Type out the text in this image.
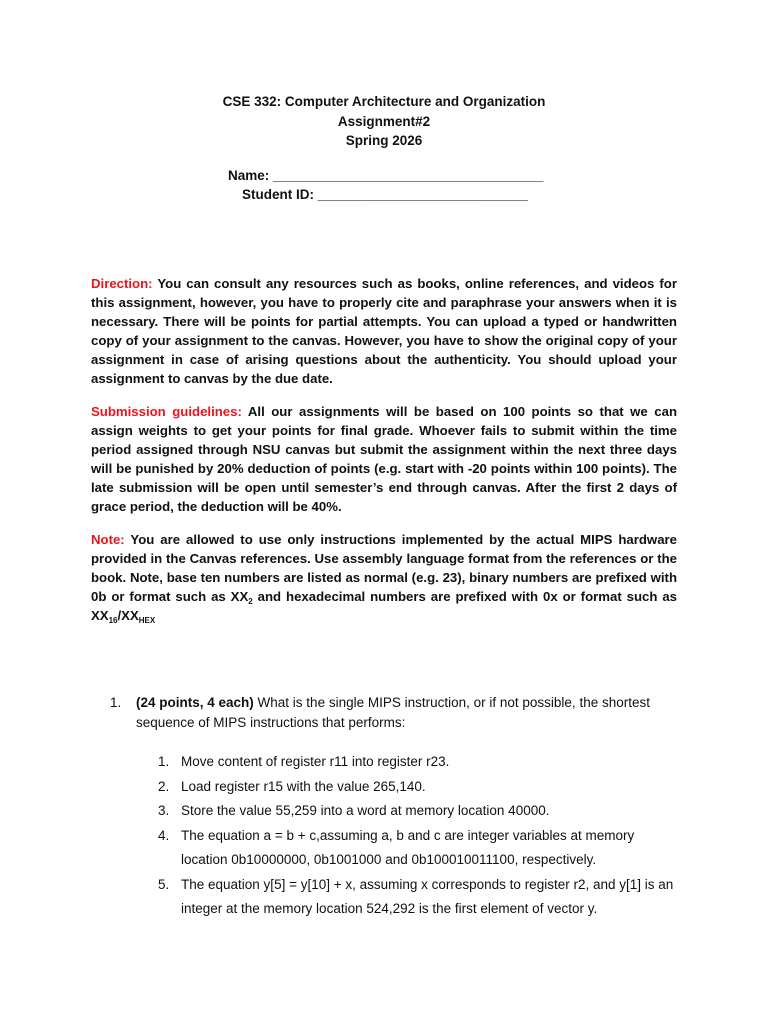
CSE 332: Computer Architecture and Organization
Assignment#2
Spring 2026
Name: ____________________________________
Student ID: ____________________________

Direction: You can consult any resources such as books, online references, and videos for this assignment, however, you have to properly cite and paraphrase your answers when it is necessary. There will be points for partial attempts. You can upload a typed or handwritten copy of your assignment to the canvas. However, you have to show the original copy of your assignment in case of arising questions about the authenticity. You should upload your assignment to canvas by the due date.

Submission guidelines: All our assignments will be based on 100 points so that we can assign weights to get your points for final grade. Whoever fails to submit within the time period assigned through NSU canvas but submit the assignment within the next three days will be punished by 20% deduction of points (e.g. start with -20 points within 100 points). The late submission will be open until semester’s end through canvas. After the first 2 days of grace period, the deduction will be 40%.

Note: You are allowed to use only instructions implemented by the actual MIPS hardware provided in the Canvas references. Use assembly language format from the references or the book. Note, base ten numbers are listed as normal (e.g. 23), binary numbers are prefixed with 0b or format such as $XX_2$ and hexadecimal numbers are prefixed with 0x or format such as $XX_{16}/XX_{HEX}$

1. (24 points, 4 each) What is the single MIPS instruction, or if not possible, the shortest sequence of MIPS instructions that performs:
1. Move content of register r11 into register r23.
2. Load register r15 with the value 265,140.
3. Store the value 55,259 into a word at memory location 40000.
4. The equation a = b + c,assuming a, b and c are integer variables at memory location 0b10000000, 0b1001000 and 0b100010011100, respectively.
5. The equation y[5] = y[10] + x, assuming x corresponds to register r2, and y[1] is an integer at the memory location 524,292 is the first element of vector y.
